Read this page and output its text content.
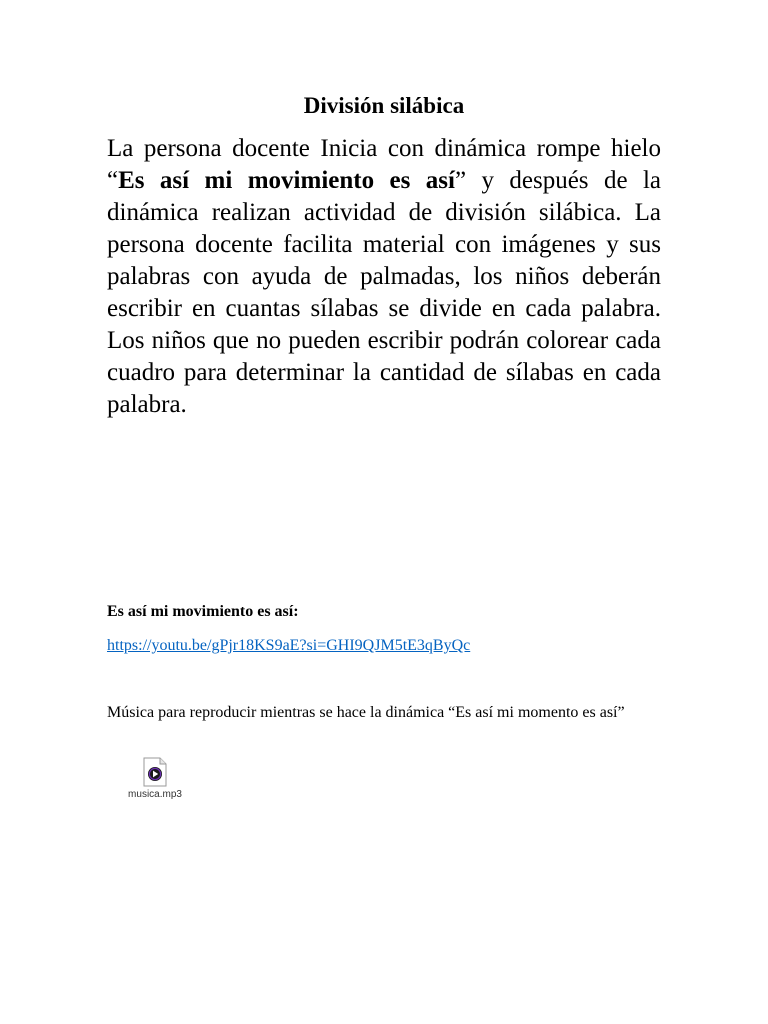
División silábica

La persona docente Inicia con dinámica rompe hielo “Es así mi movimiento es así” y después de la dinámica realizan actividad de división silábica. La persona docente facilita material con imágenes y sus palabras con ayuda de palmadas, los niños deberán escribir en cuantas sílabas se divide en cada palabra. Los niños que no pueden escribir podrán colorear cada cuadro para determinar la cantidad de sílabas en cada palabra.

Es así mi movimiento es así:
https://youtu.be/gPjr18KS9aE?si=GHI9QJM5tE3qByQc

Música para reproducir mientras se hace la dinámica “Es así mi momento es así”

musica.mp3
